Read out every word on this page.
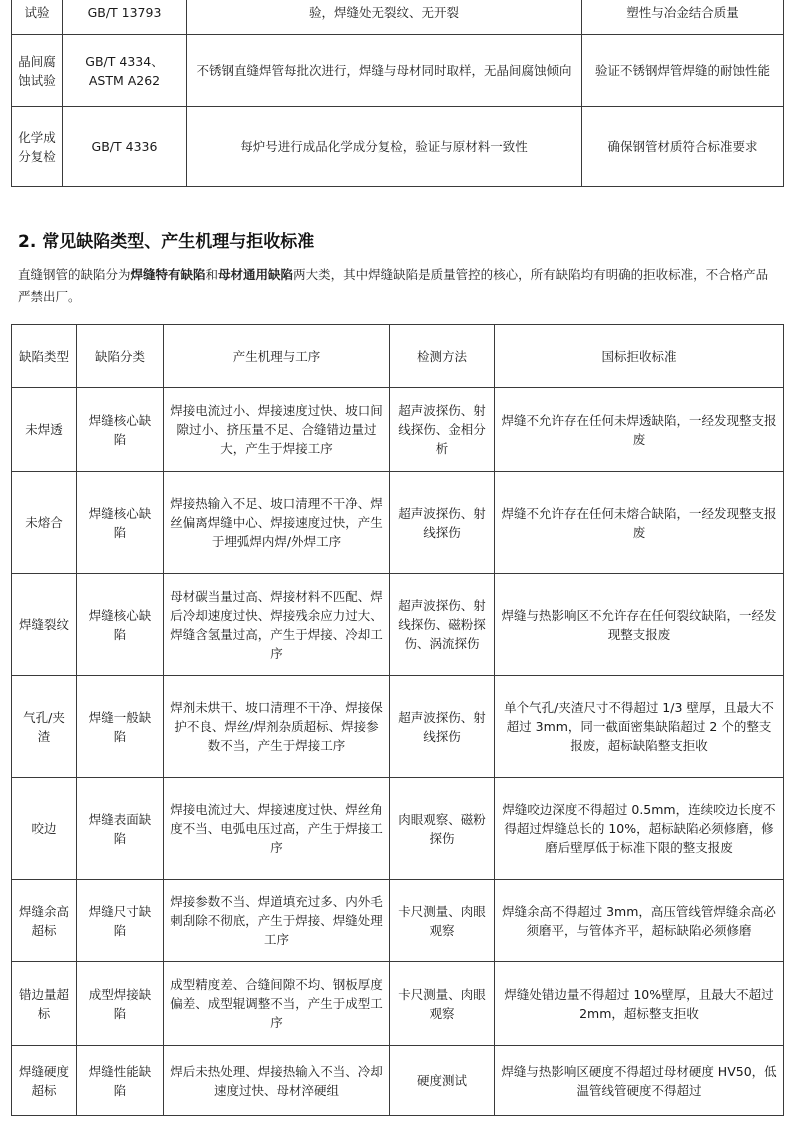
试验	GB/T 13793	验，焊缝处无裂纹、无开裂	塑性与冶金结合质量
晶间腐蚀试验	GB/T 4334、ASTM A262	不锈钢直缝焊管每批次进行，焊缝与母材同时取样，无晶间腐蚀倾向	验证不锈钢焊管焊缝的耐蚀性能
化学成分复检	GB/T 4336	每炉号进行成品化学成分复检，验证与原材料一致性	确保钢管材质符合标准要求
2. 常见缺陷类型、产生机理与拒收标准

直缝钢管的缺陷分为焊缝特有缺陷和母材通用缺陷两大类，其中焊缝缺陷是质量管控的核心，所有缺陷均有明确的拒收标准，不合格产品严禁出厂。

缺陷类型	缺陷分类	产生机理与工序	检测方法	国标拒收标准
未焊透	焊缝核心缺陷	焊接电流过小、焊接速度过快、坡口间隙过小、挤压量不足、合缝错边量过大，产生于焊接工序	超声波探伤、射线探伤、金相分析	焊缝不允许存在任何未焊透缺陷，一经发现整支报废
未熔合	焊缝核心缺陷	焊接热输入不足、坡口清理不干净、焊丝偏离焊缝中心、焊接速度过快，产生于埋弧焊内焊/外焊工序	超声波探伤、射线探伤	焊缝不允许存在任何未熔合缺陷，一经发现整支报废
焊缝裂纹	焊缝核心缺陷	母材碳当量过高、焊接材料不匹配、焊后冷却速度过快、焊接残余应力过大、焊缝含氢量过高，产生于焊接、冷却工序	超声波探伤、射线探伤、磁粉探伤、涡流探伤	焊缝与热影响区不允许存在任何裂纹缺陷，一经发现整支报废
气孔/夹渣	焊缝一般缺陷	焊剂未烘干、坡口清理不干净、焊接保护不良、焊丝/焊剂杂质超标、焊接参数不当，产生于焊接工序	超声波探伤、射线探伤	单个气孔/夹渣尺寸不得超过 1/3 壁厚，且最大不超过 3mm，同一截面密集缺陷超过 2 个的整支报废，超标缺陷整支拒收
咬边	焊缝表面缺陷	焊接电流过大、焊接速度过快、焊丝角度不当、电弧电压过高，产生于焊接工序	肉眼观察、磁粉探伤	焊缝咬边深度不得超过 0.5mm，连续咬边长度不得超过焊缝总长的 10%，超标缺陷必须修磨，修磨后壁厚低于标准下限的整支报废
焊缝余高超标	焊缝尺寸缺陷	焊接参数不当、焊道填充过多、内外毛刺刮除不彻底，产生于焊接、焊缝处理工序	卡尺测量、肉眼观察	焊缝余高不得超过 3mm，高压管线管焊缝余高必须磨平，与管体齐平，超标缺陷必须修磨
错边量超标	成型焊接缺陷	成型精度差、合缝间隙不均、钢板厚度偏差、成型辊调整不当，产生于成型工序	卡尺测量、肉眼观察	焊缝处错边量不得超过 10%壁厚，且最大不超过 2mm，超标整支拒收
焊缝硬度超标	焊缝性能缺陷	焊后未热处理、焊接热输入不当、冷却速度过快、母材淬硬组	硬度测试	焊缝与热影响区硬度不得超过母材硬度 HV50，低温管线管硬度不得超过
